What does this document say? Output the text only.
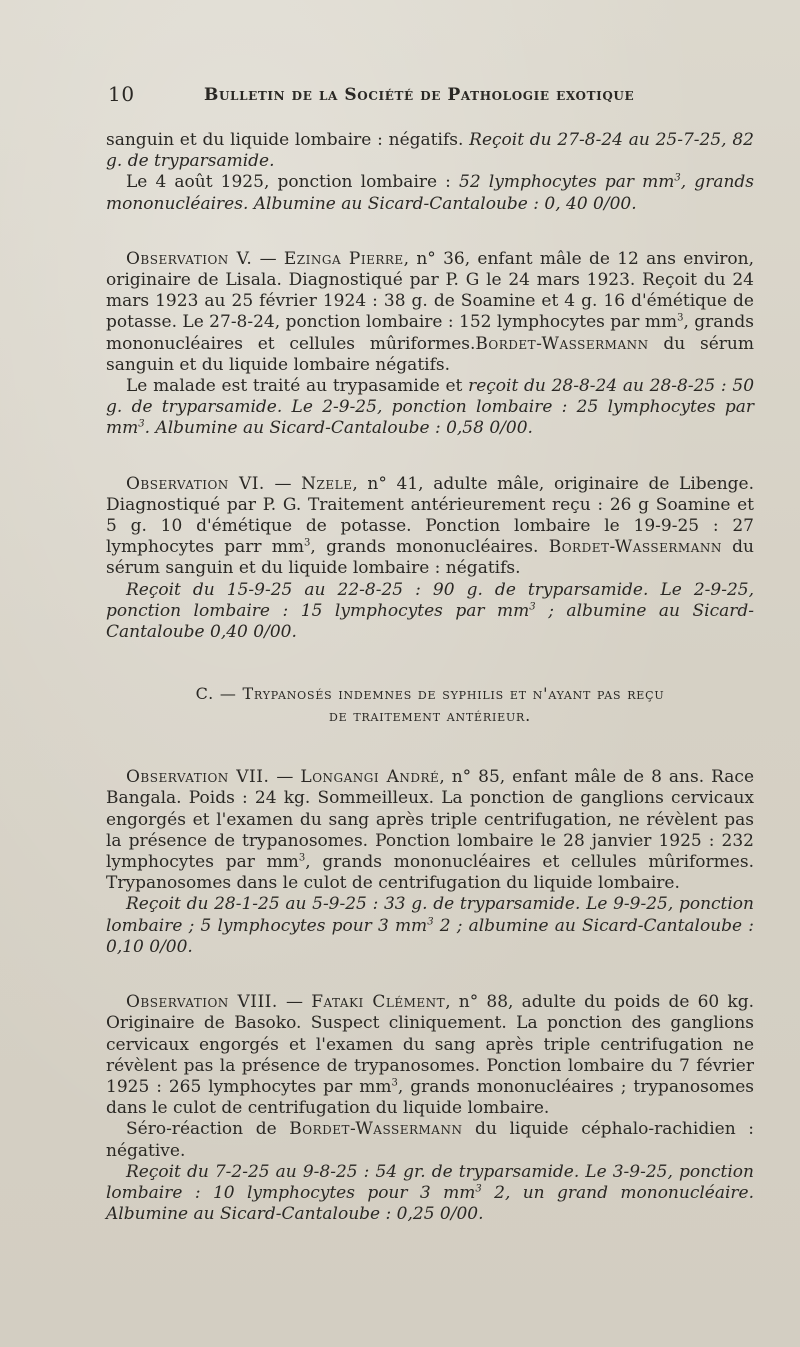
10	Bulletin de la Société de Pathologie exotique

sanguin et du liquide lombaire : négatifs. Reçoit du 27-8-24 au 25-7-25, 82 g. de tryparsamide.

Le 4 août 1925, ponction lombaire : 52 lymphocytes par $mm^3$, grands mononucléaires. Albumine au Sicard-Cantaloube : 0, 40 0/00.

Observation V. — Ezinga Pierre, n° 36, enfant mâle de 12 ans environ, originaire de Lisala. Diagnostiqué par P. G le 24 mars 1923. Reçoit du 24 mars 1923 au 25 février 1924 : 38 g. de Soamine et 4 g. 16 d'émétique de potasse. Le 27-8-24, ponction lombaire : 152 lymphocytes par $mm^3$, grands mononucléaires et cellules mûriformes.Bordet-Wassermann du sérum sanguin et du liquide lombaire négatifs.

Le malade est traité au trypasamide et reçoit du 28-8-24 au 28-8-25 : 50 g. de tryparsamide. Le 2-9-25, ponction lombaire : 25 lymphocytes par $mm^3$. Albumine au Sicard-Cantaloube : 0,58 0/00.

Observation VI. — Nzele, n° 41, adulte mâle, originaire de Libenge. Diagnostiqué par P. G. Traitement antérieurement reçu : 26 g Soamine et 5 g. 10 d'émétique de potasse. Ponction lombaire le 19-9-25 : 27 lymphocytes parr $mm^3$, grands mononucléaires. Bordet-Wassermann du sérum sanguin et du liquide lombaire : négatifs.

Reçoit du 15-9-25 au 22-8-25 : 90 g. de tryparsamide. Le 2-9-25, ponction lombaire : 15 lymphocytes par $mm^3$ ; albumine au Sicard-Cantaloube 0,40 0/00.

C. — Trypanosés indemnes de syphilis et n'ayant pas reçu
de traitement antérieur.

Observation VII. — Longangi André, n° 85, enfant mâle de 8 ans. Race Bangala. Poids : 24 kg. Sommeilleux. La ponction de ganglions cervicaux engorgés et l'examen du sang après triple centrifugation, ne révèlent pas la présence de trypanosomes. Ponction lombaire le 28 janvier 1925 : 232 lymphocytes par $mm^3$, grands mononucléaires et cellules mûriformes. Trypanosomes dans le culot de centrifugation du liquide lombaire.

Reçoit du 28-1-25 au 5-9-25 : 33 g. de tryparsamide. Le 9-9-25, ponction lombaire ; 5 lymphocytes pour 3 $mm^3$ 2 ; albumine au Sicard-Cantaloube : 0,10 0/00.

Observation VIII. — Fataki Clément, n° 88, adulte du poids de 60 kg. Originaire de Basoko. Suspect cliniquement. La ponction des ganglions cervicaux engorgés et l'examen du sang après triple centrifugation ne révèlent pas la présence de trypanosomes. Ponction lombaire du 7 février 1925 : 265 lymphocytes par $mm^3$, grands mononucléaires ; trypanosomes dans le culot de centrifugation du liquide lombaire.

Séro-réaction de Bordet-Wassermann du liquide céphalo-rachidien : négative.

Reçoit du 7-2-25 au 9-8-25 : 54 gr. de tryparsamide. Le 3-9-25, ponction lombaire : 10 lymphocytes pour 3 $mm^3$ 2, un grand mononucléaire. Albumine au Sicard-Cantaloube : 0,25 0/00.
